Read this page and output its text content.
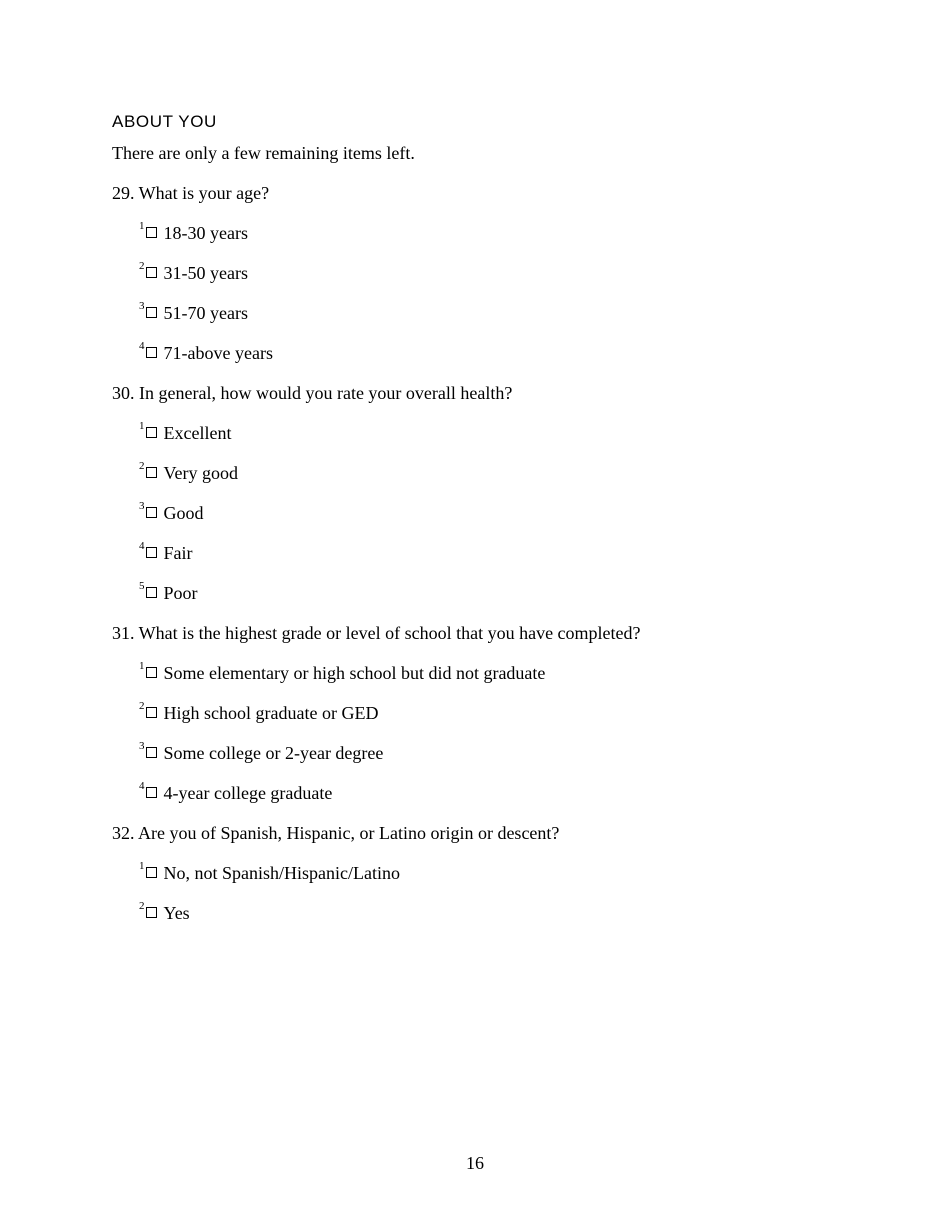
ABOUT YOU
There are only a few remaining items left.
29. What is your age?
1 18-30 years
2 31-50 years
3 51-70 years
4 71-above years
30. In general, how would you rate your overall health?
1 Excellent
2 Very good
3 Good
4 Fair
5 Poor
31. What is the highest grade or level of school that you have completed?
1 Some elementary or high school but did not graduate
2 High school graduate or GED
3 Some college or 2-year degree
4 4-year college graduate
32. Are you of Spanish, Hispanic, or Latino origin or descent?
1 No, not Spanish/Hispanic/Latino
2 Yes
16
